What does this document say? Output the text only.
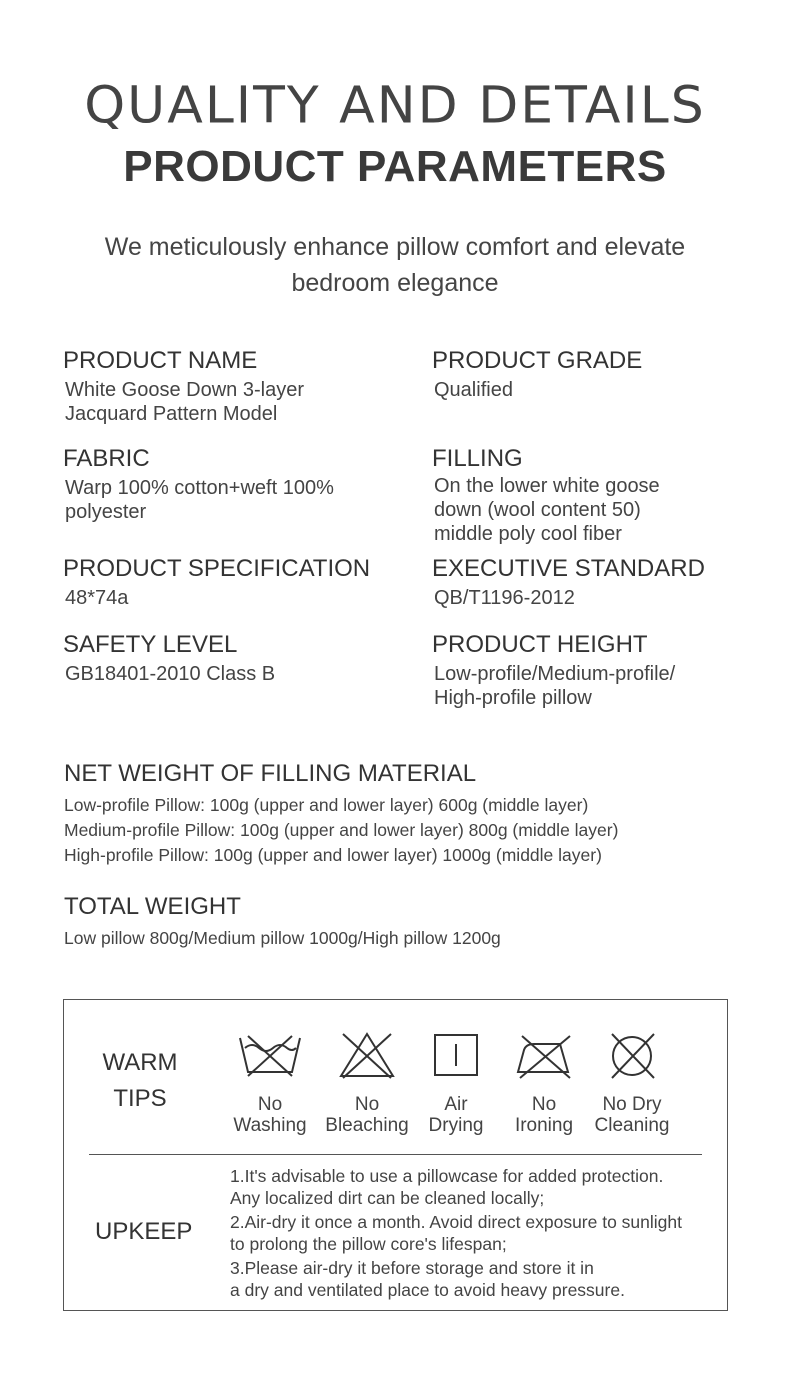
QUALITY AND DETAILS
PRODUCT PARAMETERS
We meticulously enhance pillow comfort and elevate
bedroom elegance
PRODUCT NAME
White Goose Down 3-layer
Jacquard Pattern Model
PRODUCT GRADE
Qualified
FABRIC
Warp 100% cotton+weft 100%
polyester
FILLING
On the lower white goose
down (wool content 50)
middle poly cool fiber
PRODUCT SPECIFICATION
48*74a
EXECUTIVE STANDARD
QB/T1196-2012
SAFETY LEVEL
GB18401-2010 Class B
PRODUCT HEIGHT
Low-profile/Medium-profile/
High-profile pillow
NET WEIGHT OF FILLING MATERIAL
Low-profile Pillow: 100g (upper and lower layer) 600g (middle layer)
Medium-profile Pillow: 100g (upper and lower layer) 800g (middle layer)
High-profile Pillow: 100g (upper and lower layer) 1000g (middle layer)
TOTAL WEIGHT
Low pillow 800g/Medium pillow 1000g/High pillow 1200g
WARM
TIPS	No
Washing
No
Bleaching
Air
Drying
No
Ironing
No Dry
Cleaning
UPKEEP
1.It's advisable to use a pillowcase for added protection.
Any localized dirt can be cleaned locally;
2.Air-dry it once a month. Avoid direct exposure to sunlight
to prolong the pillow core's lifespan;
3.Please air-dry it before storage and store it in
a dry and ventilated place to avoid heavy pressure.
